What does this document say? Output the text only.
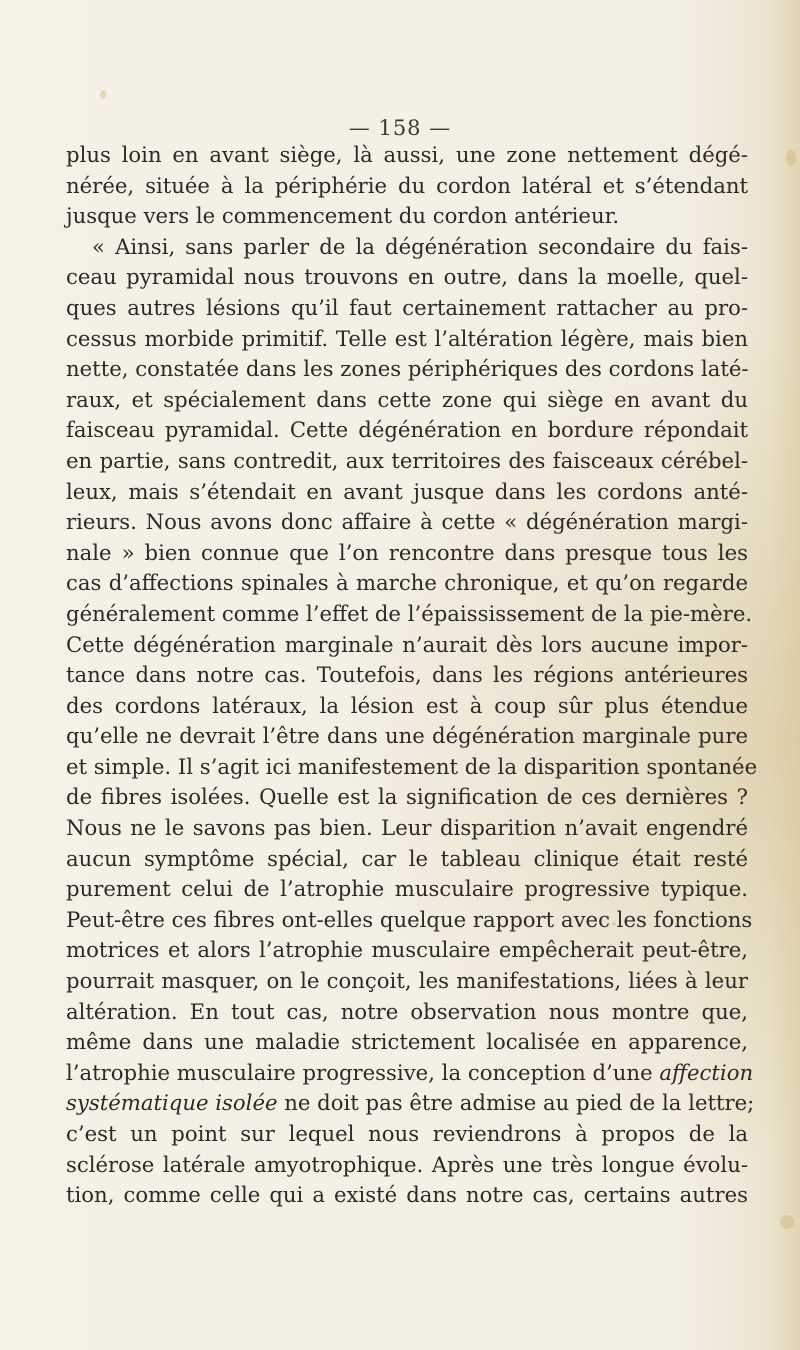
— 158 —
plus loin en avant siège, là aussi, une zone nettement dégé-
nérée, située à la périphérie du cordon latéral et s’étendant
jusque vers le commencement du cordon antérieur.
« Ainsi, sans parler de la dégénération secondaire du fais-
ceau pyramidal nous trouvons en outre, dans la moelle, quel-
ques autres lésions qu’il faut certainement rattacher au pro-
cessus morbide primitif. Telle est l’altération légère, mais bien
nette, constatée dans les zones périphériques des cordons laté-
raux, et spécialement dans cette zone qui siège en avant du
faisceau pyramidal. Cette dégénération en bordure répondait
en partie, sans contredit, aux territoires des faisceaux cérébel-
leux, mais s’étendait en avant jusque dans les cordons anté-
rieurs. Nous avons donc affaire à cette « dégénération margi-
nale » bien connue que l’on rencontre dans presque tous les
cas d’affections spinales à marche chronique, et qu’on regarde
généralement comme l’effet de l’épaississement de la pie-mère.
Cette dégénération marginale n’aurait dès lors aucune impor-
tance dans notre cas. Toutefois, dans les régions antérieures
des cordons latéraux, la lésion est à coup sûr plus étendue
qu’elle ne devrait l’être dans une dégénération marginale pure
et simple. Il s’agit ici manifestement de la disparition spontanée
de fibres isolées. Quelle est la signification de ces dernières ?
Nous ne le savons pas bien. Leur disparition n’avait engendré
aucun symptôme spécial, car le tableau clinique était resté
purement celui de l’atrophie musculaire progressive typique.
Peut-être ces fibres ont-elles quelque rapport avec les fonctions
motrices et alors l’atrophie musculaire empêcherait peut-être,
pourrait masquer, on le conçoit, les manifestations, liées à leur
altération. En tout cas, notre observation nous montre que,
même dans une maladie strictement localisée en apparence,
l’atrophie musculaire progressive, la conception d’une affection
systématique isolée ne doit pas être admise au pied de la lettre;
c’est un point sur lequel nous reviendrons à propos de la
sclérose latérale amyotrophique. Après une très longue évolu-
tion, comme celle qui a existé dans notre cas, certains autres
